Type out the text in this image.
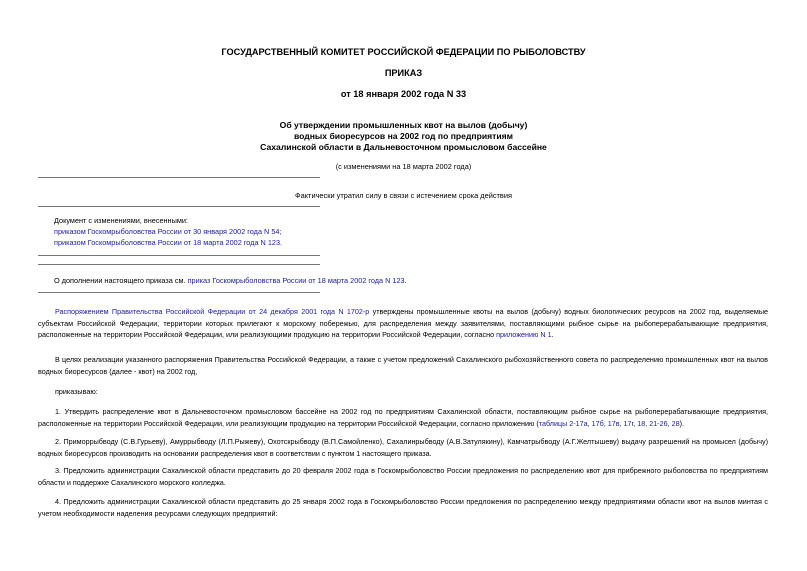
ГОСУДАРСТВЕННЫЙ КОМИТЕТ РОССИЙСКОЙ ФЕДЕРАЦИИ ПО РЫБОЛОВСТВУ
ПРИКАЗ
от 18 января 2002 года N 33
Об утверждении промышленных квот на вылов (добычу)
водных биоресурсов на 2002 год по предприятиям
Сахалинской области в Дальневосточном промысловом бассейне
(с изменениями на 18 марта 2002 года)
Фактически утратил силу в связи с истечением срока действия
Документ с изменениями, внесенными:
приказом Госкомрыболовства России от 30 января 2002 года N 54;
приказом Госкомрыболовства России от 18 марта 2002 года N 123.
О дополнении настоящего приказа см. приказ Госкомрыболовства России от 18 марта 2002 года N 123.
Распоряжением Правительства Российской Федерации от 24 декабря 2001 года N 1702-р утверждены промышленные квоты на вылов (добычу) водных биологических ресурсов на 2002 год, выделяемые субъектам Российской Федерации, территории которых прилегают к морскому побережью, для распределения между заявителями, поставляющими рыбное сырье на рыбоперерабатывающие предприятия, расположенные на территории Российской Федерации, или реализующими продукцию на территории Российской Федерации, согласно приложению N 1.
В целях реализации указанного распоряжения Правительства Российской Федерации, а также с учетом предложений Сахалинского рыбохозяйственного совета по распределению промышленных квот на вылов водных биоресурсов (далее - квот) на 2002 год,
приказываю:
1. Утвердить распределение квот в Дальневосточном промысловом бассейне на 2002 год по предприятиям Сахалинской области, поставляющим рыбное сырье на рыбоперерабатывающие предприятия, расположенные на территории Российской Федерации, или реализующим продукцию на территории Российской Федерации, согласно приложению (таблицы 2-17а, 17б, 17в, 17г, 18, 21-26, 28).
2. Приморрыбводу (С.В.Гурьеву), Амуррыбводу (Л.П.Рыжеву), Охотскрыбводу (В.П.Самойленко), Сахалинрыбводу (А.В.Затулякину), Камчатрыбводу (А.Г.Желтышеву) выдачу разрешений на промысел (добычу) водных биоресурсов производить на основании распределения квот в соответствии с пунктом 1 настоящего приказа.
3. Предложить администрации Сахалинской области представить до 20 февраля 2002 года в Госкомрыболовство России предложения по распределению квот для прибрежного рыболовства по предприятиям области и поддержке Сахалинского морского колледжа.
4. Предложить администрации Сахалинской области представить до 25 января 2002 года в Госкомрыболовство России предложения по распределению между предприятиями области квот на вылов минтая с учетом необходимости наделения ресурсами следующих предприятий:
